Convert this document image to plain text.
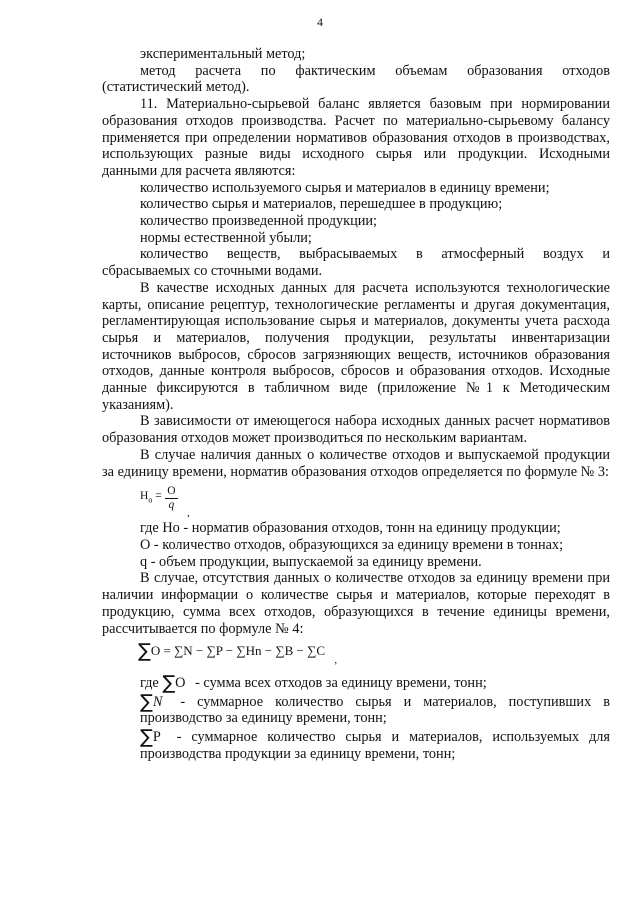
4

экспериментальный метод;

метод расчета по фактическим объемам образования отходов

(статистический метод).

11. Материально-сырьевой баланс является базовым при нормировании образования отходов производства. Расчет по материально-сырьевому балансу применяется при определении нормативов образования отходов в производствах, использующих разные виды исходного сырья или продукции. Исходными данными для расчета являются:

количество используемого сырья и материалов в единицу времени;

количество сырья и материалов, перешедшее в продукцию;

количество произведенной продукции;

нормы естественной убыли;

количество веществ, выбрасываемых в атмосферный воздух и сбрасываемых со сточными водами.

В качестве исходных данных для расчета используются технологические карты, описание рецептур, технологические регламенты и другая документация, регламентирующая использование сырья и материалов, документы учета расхода сырья и материалов, получения продукции, результаты инвентаризации источников выбросов, сбросов загрязняющих веществ, источников образования отходов, данные контроля выбросов, сбросов и образования отходов. Исходные данные фиксируются в табличном виде (приложение №1 к Методическим указаниям).

В зависимости от имеющегося набора исходных данных расчет нормативов образования отходов может производиться по нескольким вариантам.

В случае наличия данных о количестве отходов и выпускаемой продукции за единицу времени, норматив образования отходов определяется по формуле № 3:

$Н_о = \frac{O}{q}$
$_,$

где Но - норматив образования отходов, тонн на единицу продукции;

О - количество отходов, образующихся за единицу времени в тоннах;

q - объем продукции, выпускаемой за единицу времени.

В случае, отсутствия данных о количестве отходов за единицу времени при наличии информации о количестве сырья и материалов, которые переходят в продукцию, сумма всех отходов, образующихся в течение единицы времени, рассчитывается по формуле № 4:

∑O = ∑N − ∑P − ∑Hn − ∑B − ∑C $_,$

где ∑O - сумма всех отходов за единицу времени, тонн;

∑N - суммарное количество сырья и материалов, поступивших в производство за единицу времени, тонн;

∑P - суммарное количество сырья и материалов, используемых для производства продукции за единицу времени, тонн;
